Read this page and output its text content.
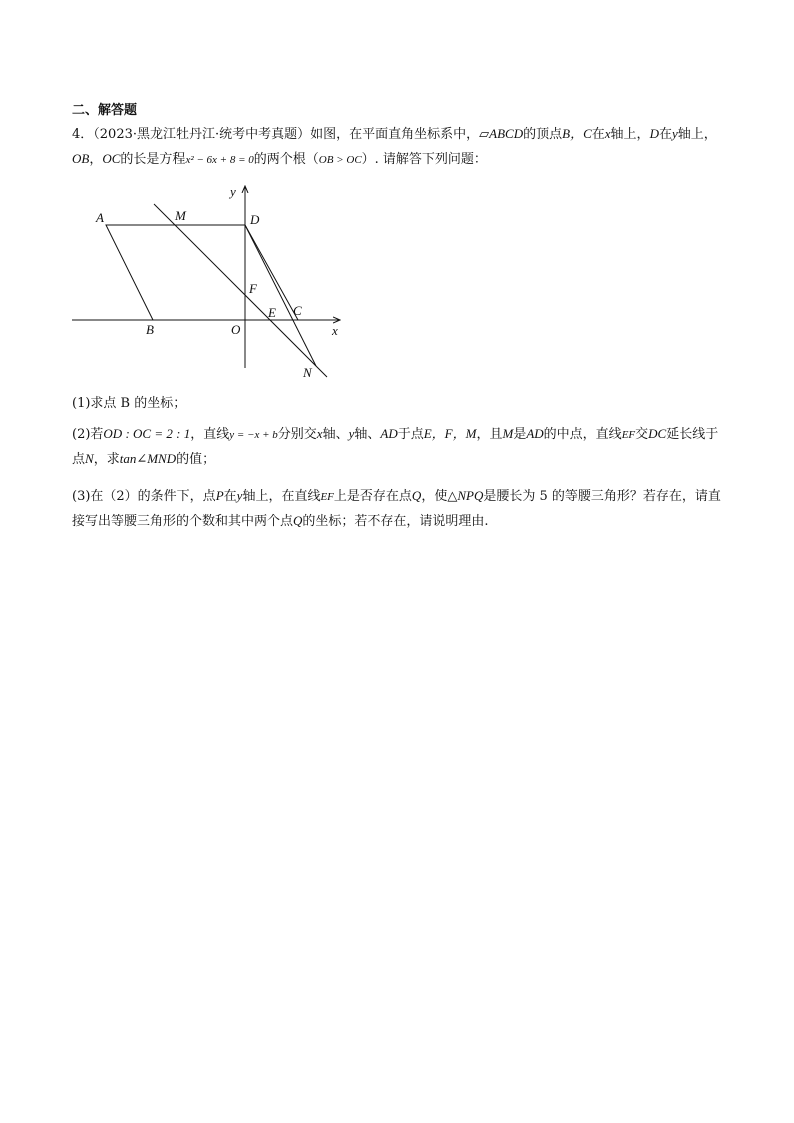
二、解答题
4．（2023·黑龙江牡丹江·统考中考真题）如图，在平面直角坐标系中，▱ABCD的顶点B，C在x轴上，D在y轴上，OB，OC的长是方程x² − 6x + 8 = 0的两个根（OB > OC）. 请解答下列问题：
A	M	D
y
F
E C
B	O	x
N
(1)求点 B 的坐标；
(2)若OD : OC = 2 : 1，直线y = −x + b分别交x轴、y轴、AD于点E，F，M，且M是AD的中点，直线EF交DC延长线于点N，求tan∠MND的值；
(3)在（2）的条件下，点P在y轴上，在直线EF上是否存在点Q，使△NPQ是腰长为 5 的等腰三角形？若存在，请直接写出等腰三角形的个数和其中两个点Q的坐标；若不存在，请说明理由.
